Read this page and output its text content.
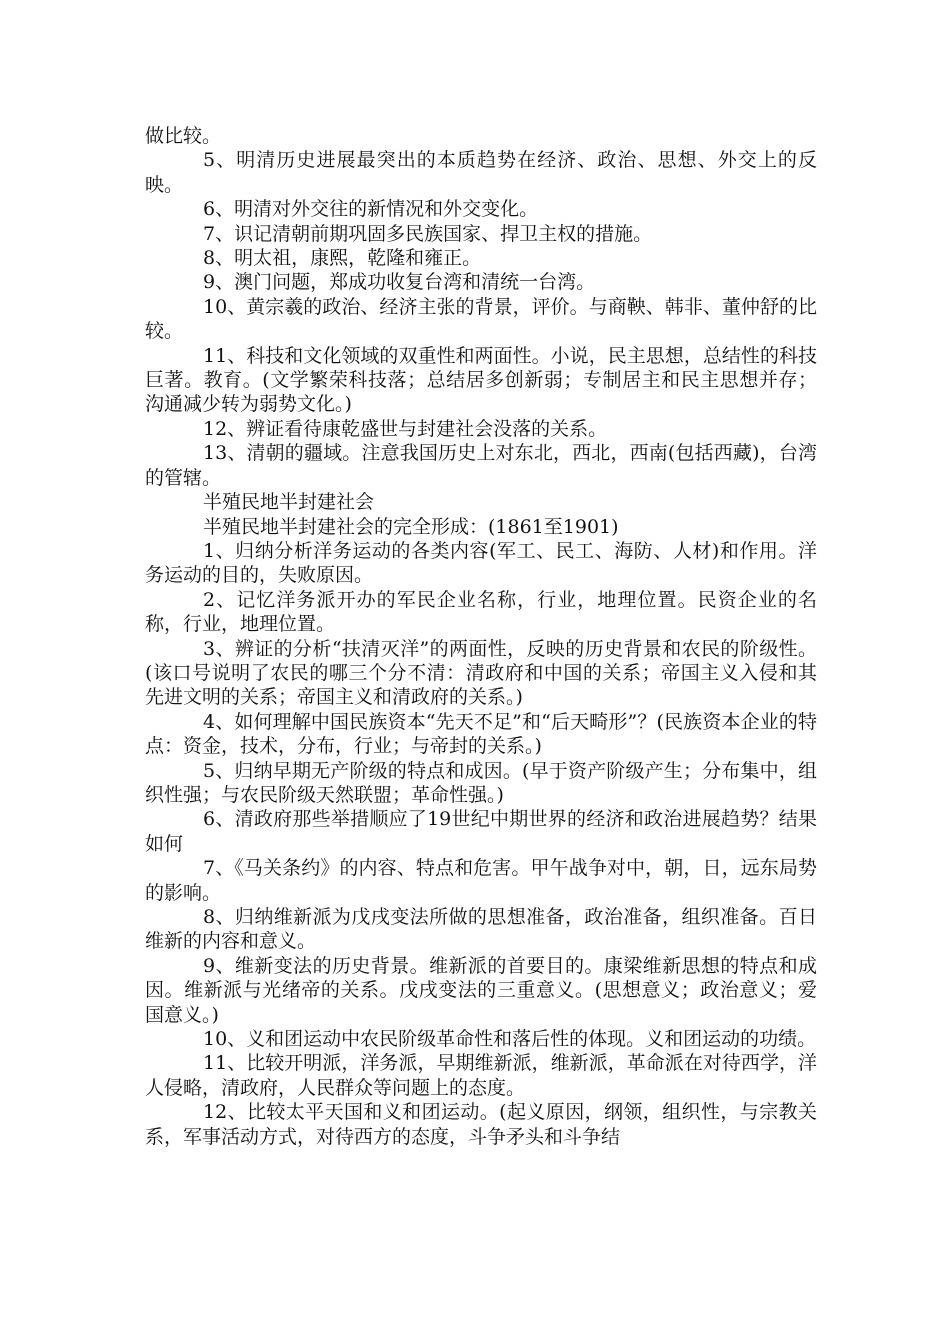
做比较。

5、明清历史进展最突出的本质趋势在经济、政治、思想、外交上的反映。

6、明清对外交往的新情况和外交变化。

7、识记清朝前期巩固多民族国家、捍卫主权的措施。

8、明太祖，康熙，乾隆和雍正。

9、澳门问题，郑成功收复台湾和清统一台湾。

10、黄宗羲的政治、经济主张的背景，评价。与商鞅、韩非、董仲舒的比较。

11、科技和文化领域的双重性和两面性。小说，民主思想，总结性的科技巨著。教育。(文学繁荣科技落；总结居多创新弱；专制居主和民主思想并存；沟通减少转为弱势文化。)

12、辨证看待康乾盛世与封建社会没落的关系。

13、清朝的疆域。注意我国历史上对东北，西北，西南(包括西藏)，台湾的管辖。

半殖民地半封建社会

半殖民地半封建社会的完全形成：(1861至1901)

1、归纳分析洋务运动的各类内容(军工、民工、海防、人材)和作用。洋务运动的目的，失败原因。

2、记忆洋务派开办的军民企业名称，行业，地理位置。民资企业的名称，行业，地理位置。

3、辨证的分析“扶清灭洋”的两面性，反映的历史背景和农民的阶级性。(该口号说明了农民的哪三个分不清：清政府和中国的关系；帝国主义入侵和其先进文明的关系；帝国主义和清政府的关系。)

4、如何理解中国民族资本“先天不足”和“后天畸形”？(民族资本企业的特点：资金，技术，分布，行业；与帝封的关系。)

5、归纳早期无产阶级的特点和成因。(早于资产阶级产生；分布集中，组织性强；与农民阶级天然联盟；革命性强。)

6、清政府那些举措顺应了19世纪中期世界的经济和政治进展趋势？结果如何

7、《马关条约》的内容、特点和危害。甲午战争对中，朝，日，远东局势的影响。

8、归纳维新派为戊戌变法所做的思想准备，政治准备，组织准备。百日维新的内容和意义。

9、维新变法的历史背景。维新派的首要目的。康梁维新思想的特点和成因。维新派与光绪帝的关系。戊戌变法的三重意义。(思想意义；政治意义；爱国意义。)

10、义和团运动中农民阶级革命性和落后性的体现。义和团运动的功绩。

11、比较开明派，洋务派，早期维新派，维新派，革命派在对待西学，洋人侵略，清政府，人民群众等问题上的态度。

12、比较太平天国和义和团运动。(起义原因，纲领，组织性，与宗教关系，军事活动方式，对待西方的态度，斗争矛头和斗争结
